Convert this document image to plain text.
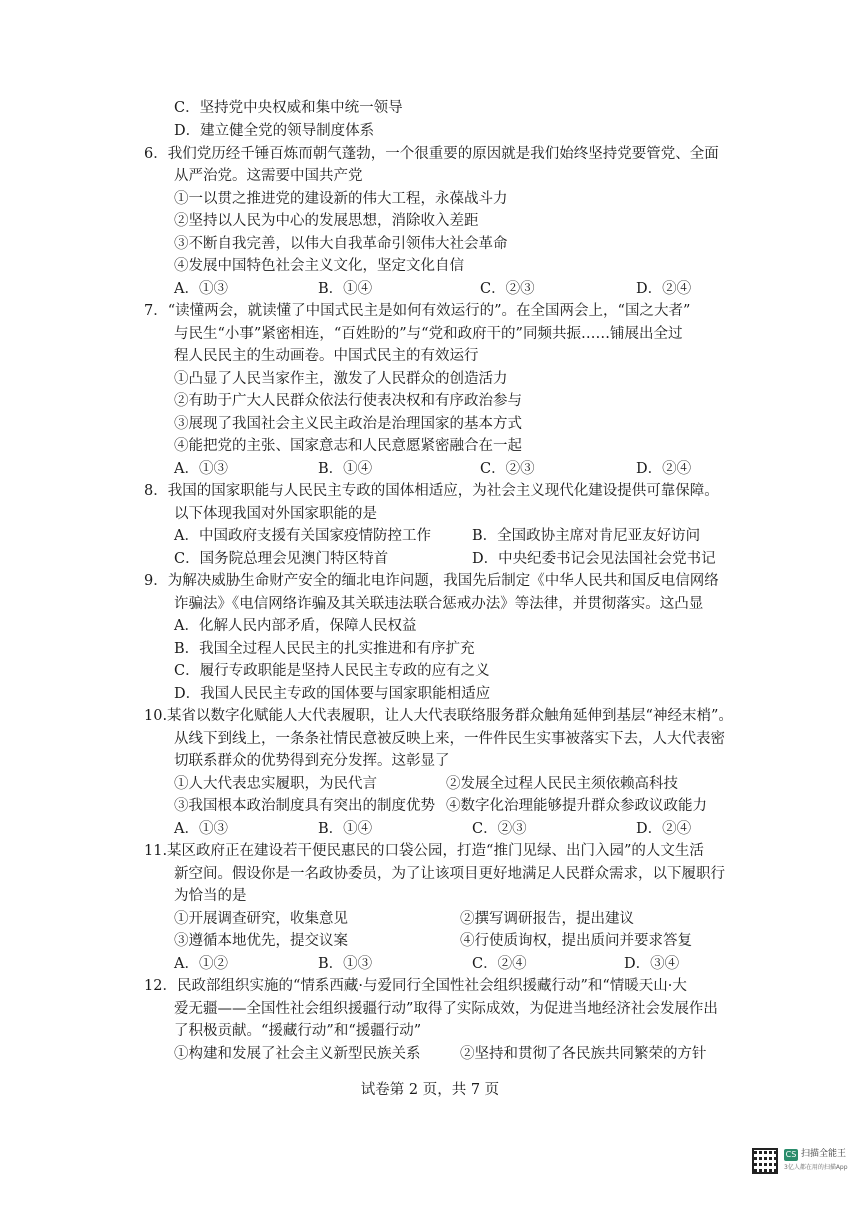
C．坚持党中央权威和集中统一领导
D．建立健全党的领导制度体系
6．我们党历经千锤百炼而朝气蓬勃，一个很重要的原因就是我们始终坚持党要管党、全面
从严治党。这需要中国共产党
①一以贯之推进党的建设新的伟大工程，永葆战斗力
②坚持以人民为中心的发展思想，消除收入差距
③不断自我完善，以伟大自我革命引领伟大社会革命
④发展中国特色社会主义文化，坚定文化自信
A．①③	B．①④	C．②③	D．②④
7．“读懂两会，就读懂了中国式民主是如何有效运行的”。在全国两会上，“国之大者”
与民生“小事”紧密相连，“百姓盼的”与“党和政府干的”同频共振……铺展出全过
程人民民主的生动画卷。中国式民主的有效运行
①凸显了人民当家作主，激发了人民群众的创造活力
②有助于广大人民群众依法行使表决权和有序政治参与
③展现了我国社会主义民主政治是治理国家的基本方式
④能把党的主张、国家意志和人民意愿紧密融合在一起
A．①③	B．①④	C．②③	D．②④
8．我国的国家职能与人民民主专政的国体相适应，为社会主义现代化建设提供可靠保障。
以下体现我国对外国家职能的是
A．中国政府支援有关国家疫情防控工作	B．全国政协主席对肯尼亚友好访问
C．国务院总理会见澳门特区特首	D．中央纪委书记会见法国社会党书记
9．为解决威胁生命财产安全的缅北电诈问题，我国先后制定《中华人民共和国反电信网络
诈骗法》《电信网络诈骗及其关联违法联合惩戒办法》等法律，并贯彻落实。这凸显
A．化解人民内部矛盾，保障人民权益
B．我国全过程人民民主的扎实推进和有序扩充
C．履行专政职能是坚持人民民主专政的应有之义
D．我国人民民主专政的国体要与国家职能相适应
10.某省以数字化赋能人大代表履职，让人大代表联络服务群众触角延伸到基层“神经末梢”。
从线下到线上，一条条社情民意被反映上来，一件件民生实事被落实下去，人大代表密
切联系群众的优势得到充分发挥。这彰显了
①人大代表忠实履职，为民代言	②发展全过程人民民主须依赖高科技
③我国根本政治制度具有突出的制度优势 ④数字化治理能够提升群众参政议政能力
A．①③	B．①④	C．②③	D．②④
11.某区政府正在建设若干便民惠民的口袋公园，打造“推门见绿、出门入园”的人文生活
新空间。假设你是一名政协委员，为了让该项目更好地满足人民群众需求，以下履职行
为恰当的是
①开展调查研究，收集意见	②撰写调研报告，提出建议
③遵循本地优先，提交议案	④行使质询权，提出质问并要求答复
A．①②	B．①③	C．②④	D．③④
12．民政部组织实施的“情系西藏·与爱同行全国性社会组织援藏行动”和“情暖天山·大
爱无疆——全国性社会组织援疆行动”取得了实际成效，为促进当地经济社会发展作出
了积极贡献。“援藏行动”和“援疆行动”
①构建和发展了社会主义新型民族关系	②坚持和贯彻了各民族共同繁荣的方针
试卷第 2 页，共 7 页
CS 扫描全能王
3亿人都在用的扫描App
